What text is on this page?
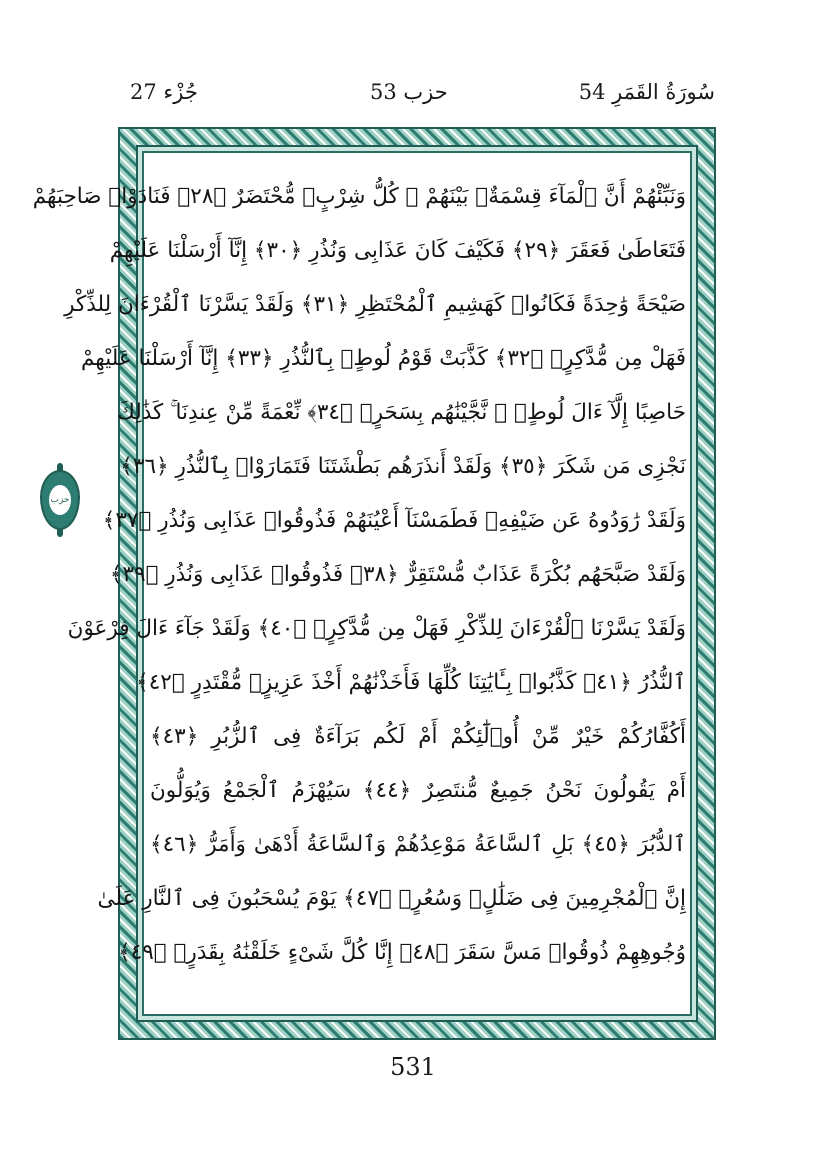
جُزْء 27	حزب 53	54 سُورَةُ القَمَرِ
وَنَبِّئْهُمْ أَنَّ ٱلْمَآءَ قِسْمَةٌۢ بَيْنَهُمْ ۖ كُلُّ شِرْبٍۢ مُّحْتَضَرٌ ﴿٢٨﴾ فَنَادَوْا۟ صَاحِبَهُمْ
فَتَعَاطَىٰ فَعَقَرَ ﴿٢٩﴾ فَكَيْفَ كَانَ عَذَابِى وَنُذُرِ ﴿٣٠﴾ إِنَّآ أَرْسَلْنَا عَلَيْهِمْ
صَيْحَةً وَٰحِدَةً فَكَانُوا۟ كَهَشِيمِ ٱلْمُحْتَظِرِ ﴿٣١﴾ وَلَقَدْ يَسَّرْنَا ٱلْقُرْءَانَ لِلذِّكْرِ
فَهَلْ مِن مُّدَّكِرٍۢ ﴿٣٢﴾ كَذَّبَتْ قَوْمُ لُوطٍۭ بِٱلنُّذُرِ ﴿٣٣﴾ إِنَّآ أَرْسَلْنَا عَلَيْهِمْ
حَاصِبًا إِلَّآ ءَالَ لُوطٍۢ ۖ نَّجَّيْنَٰهُم بِسَحَرٍۢ ﴿٣٤﴾ نِّعْمَةً مِّنْ عِندِنَا ۚ كَذَٰلِكَ
نَجْزِى مَن شَكَرَ ﴿٣٥﴾ وَلَقَدْ أَنذَرَهُم بَطْشَتَنَا فَتَمَارَوْا۟ بِٱلنُّذُرِ ﴿٣٦﴾
وَلَقَدْ رَٰوَدُوهُ عَن ضَيْفِهِۦ فَطَمَسْنَآ أَعْيُنَهُمْ فَذُوقُوا۟ عَذَابِى وَنُذُرِ ﴿٣٧﴾
وَلَقَدْ صَبَّحَهُم بُكْرَةً عَذَابٌ مُّسْتَقِرٌّ ﴿٣٨﴾ فَذُوقُوا۟ عَذَابِى وَنُذُرِ ﴿٣٩﴾
وَلَقَدْ يَسَّرْنَا ٱلْقُرْءَانَ لِلذِّكْرِ فَهَلْ مِن مُّدَّكِرٍۢ ﴿٤٠﴾ وَلَقَدْ جَآءَ ءَالَ فِرْعَوْنَ
ٱلنُّذُرُ ﴿٤١﴾ كَذَّبُوا۟ بِـَٔايَٰتِنَا كُلِّهَا فَأَخَذْنَٰهُمْ أَخْذَ عَزِيزٍۢ مُّقْتَدِرٍ ﴿٤٢﴾
أَكُفَّارُكُمْ خَيْرٌ مِّنْ أُو۟لَٰٓئِكُمْ أَمْ لَكُم بَرَآءَةٌ فِى ٱلزُّبُرِ ﴿٤٣﴾
أَمْ يَقُولُونَ نَحْنُ جَمِيعٌ مُّنتَصِرٌ ﴿٤٤﴾ سَيُهْزَمُ ٱلْجَمْعُ وَيُوَلُّونَ
ٱلدُّبُرَ ﴿٤٥﴾ بَلِ ٱلسَّاعَةُ مَوْعِدُهُمْ وَٱلسَّاعَةُ أَدْهَىٰ وَأَمَرُّ ﴿٤٦﴾
إِنَّ ٱلْمُجْرِمِينَ فِى ضَلَٰلٍۢ وَسُعُرٍۢ ﴿٤٧﴾ يَوْمَ يُسْحَبُونَ فِى ٱلنَّارِ عَلَىٰ
وُجُوهِهِمْ ذُوقُوا۟ مَسَّ سَقَرَ ﴿٤٨﴾ إِنَّا كُلَّ شَىْءٍ خَلَقْنَٰهُ بِقَدَرٍۢ ﴿٤٩﴾
حزب
531
